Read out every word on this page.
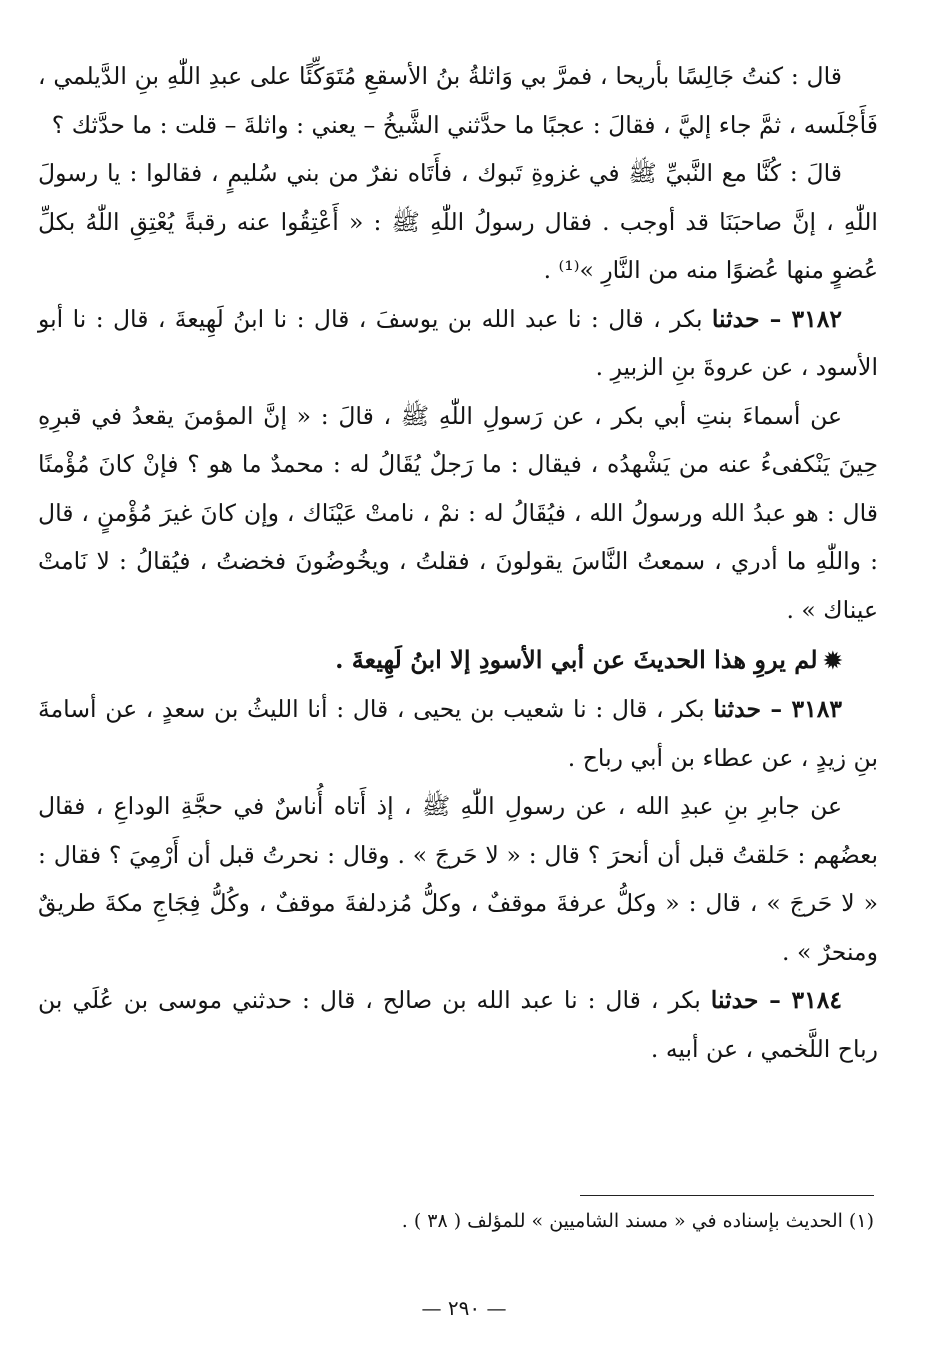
قال : كنتُ جَالِسًا بأريحا ، فمرَّ بي وَاثلةُ بنُ الأسقعِ مُتَوَكِّئًا على عبدِ اللّٰهِ بنِ الدَّيلمي ، فَأَجْلَسه ، ثمَّ جاء إليَّ ، فقالَ : عجبًا ما حدَّثني الشَّيخُ – يعني : واثلةَ – قلت : ما حدَّثك ؟

قالَ : كُنَّا مع النَّبيِّ ﷺ في غزوةِ تَبوك ، فأَتَاه نفرٌ من بني سُليمٍ ، فقالوا : يا رسولَ اللّٰهِ ، إنَّ صاحبَنَا قد أوجب . فقال رسولُ اللّٰهِ ﷺ : « أَعْتِقُوا عنه رقبةً يُعْتِقِ اللّٰهُ بكلِّ عُضوٍ منها عُضوًا منه من النَّارِ »⁽¹⁾ .

٣١٨٢ – حدثنا بكر ، قال : نا عبد الله بن يوسفَ ، قال : نا ابنُ لَهِيعةَ ، قال : نا أبو الأسود ، عن عروةَ بنِ الزبيرِ .

عن أسماءَ بنتِ أبي بكر ، عن رَسولِ اللّٰهِ ﷺ ، قالَ : « إنَّ المؤمنَ يقعدُ في قبرِهِ حِينَ يَنْكفىءُ عنه من يَشْهدُه ، فيقال : ما رَجلٌ يُقَالُ له : محمدٌ ما هو ؟ فإنْ كانَ مُؤْمنًا قال : هو عبدُ الله ورسولُ الله ، فيُقَالُ له : نمْ ، نامتْ عَيْنَاك ، وإن كانَ غيرَ مُؤْمنٍ ، قال : واللّٰهِ ما أدري ، سمعتُ النَّاسَ يقولونَ ، فقلتُ ، ويخُوضُونَ فخضتُ ، فيُقالُ : لا نَامتْ عيناك » .

✹لم يروِ هذا الحديثَ عن أبي الأسودِ إلا ابنُ لَهِيعةَ .

٣١٨٣ – حدثنا بكر ، قال : نا شعيب بن يحيى ، قال : أنا الليثُ بن سعدٍ ، عن أسامةَ بنِ زيدٍ ، عن عطاء بن أبي رباح .

عن جابرِ بنِ عبدِ الله ، عن رسولِ اللّٰهِ ﷺ ، إذ أَتاه أُناسٌ في حجَّةِ الوداعِ ، فقال بعضُهم : حَلقتُ قبل أن أنحرَ ؟ قال : « لا حَرجَ » . وقال : نحرتُ قبل أن أَرْمِيَ ؟ فقال : « لا حَرجَ » ، قال : « وكلُّ عرفةَ موقفٌ ، وكلُّ مُزدلفةَ موقفٌ ، وكُلُّ فِجَاجِ مكةَ طريقٌ ومنحرٌ » .

٣١٨٤ – حدثنا بكر ، قال : نا عبد الله بن صالح ، قال : حدثني موسى بن عُلَي بن رباح اللَّخمي ، عن أبيه .

(١) الحديث بإسناده في « مسند الشاميين » للمؤلف ( ٣٨ ) .
— ٢٩٠ —
